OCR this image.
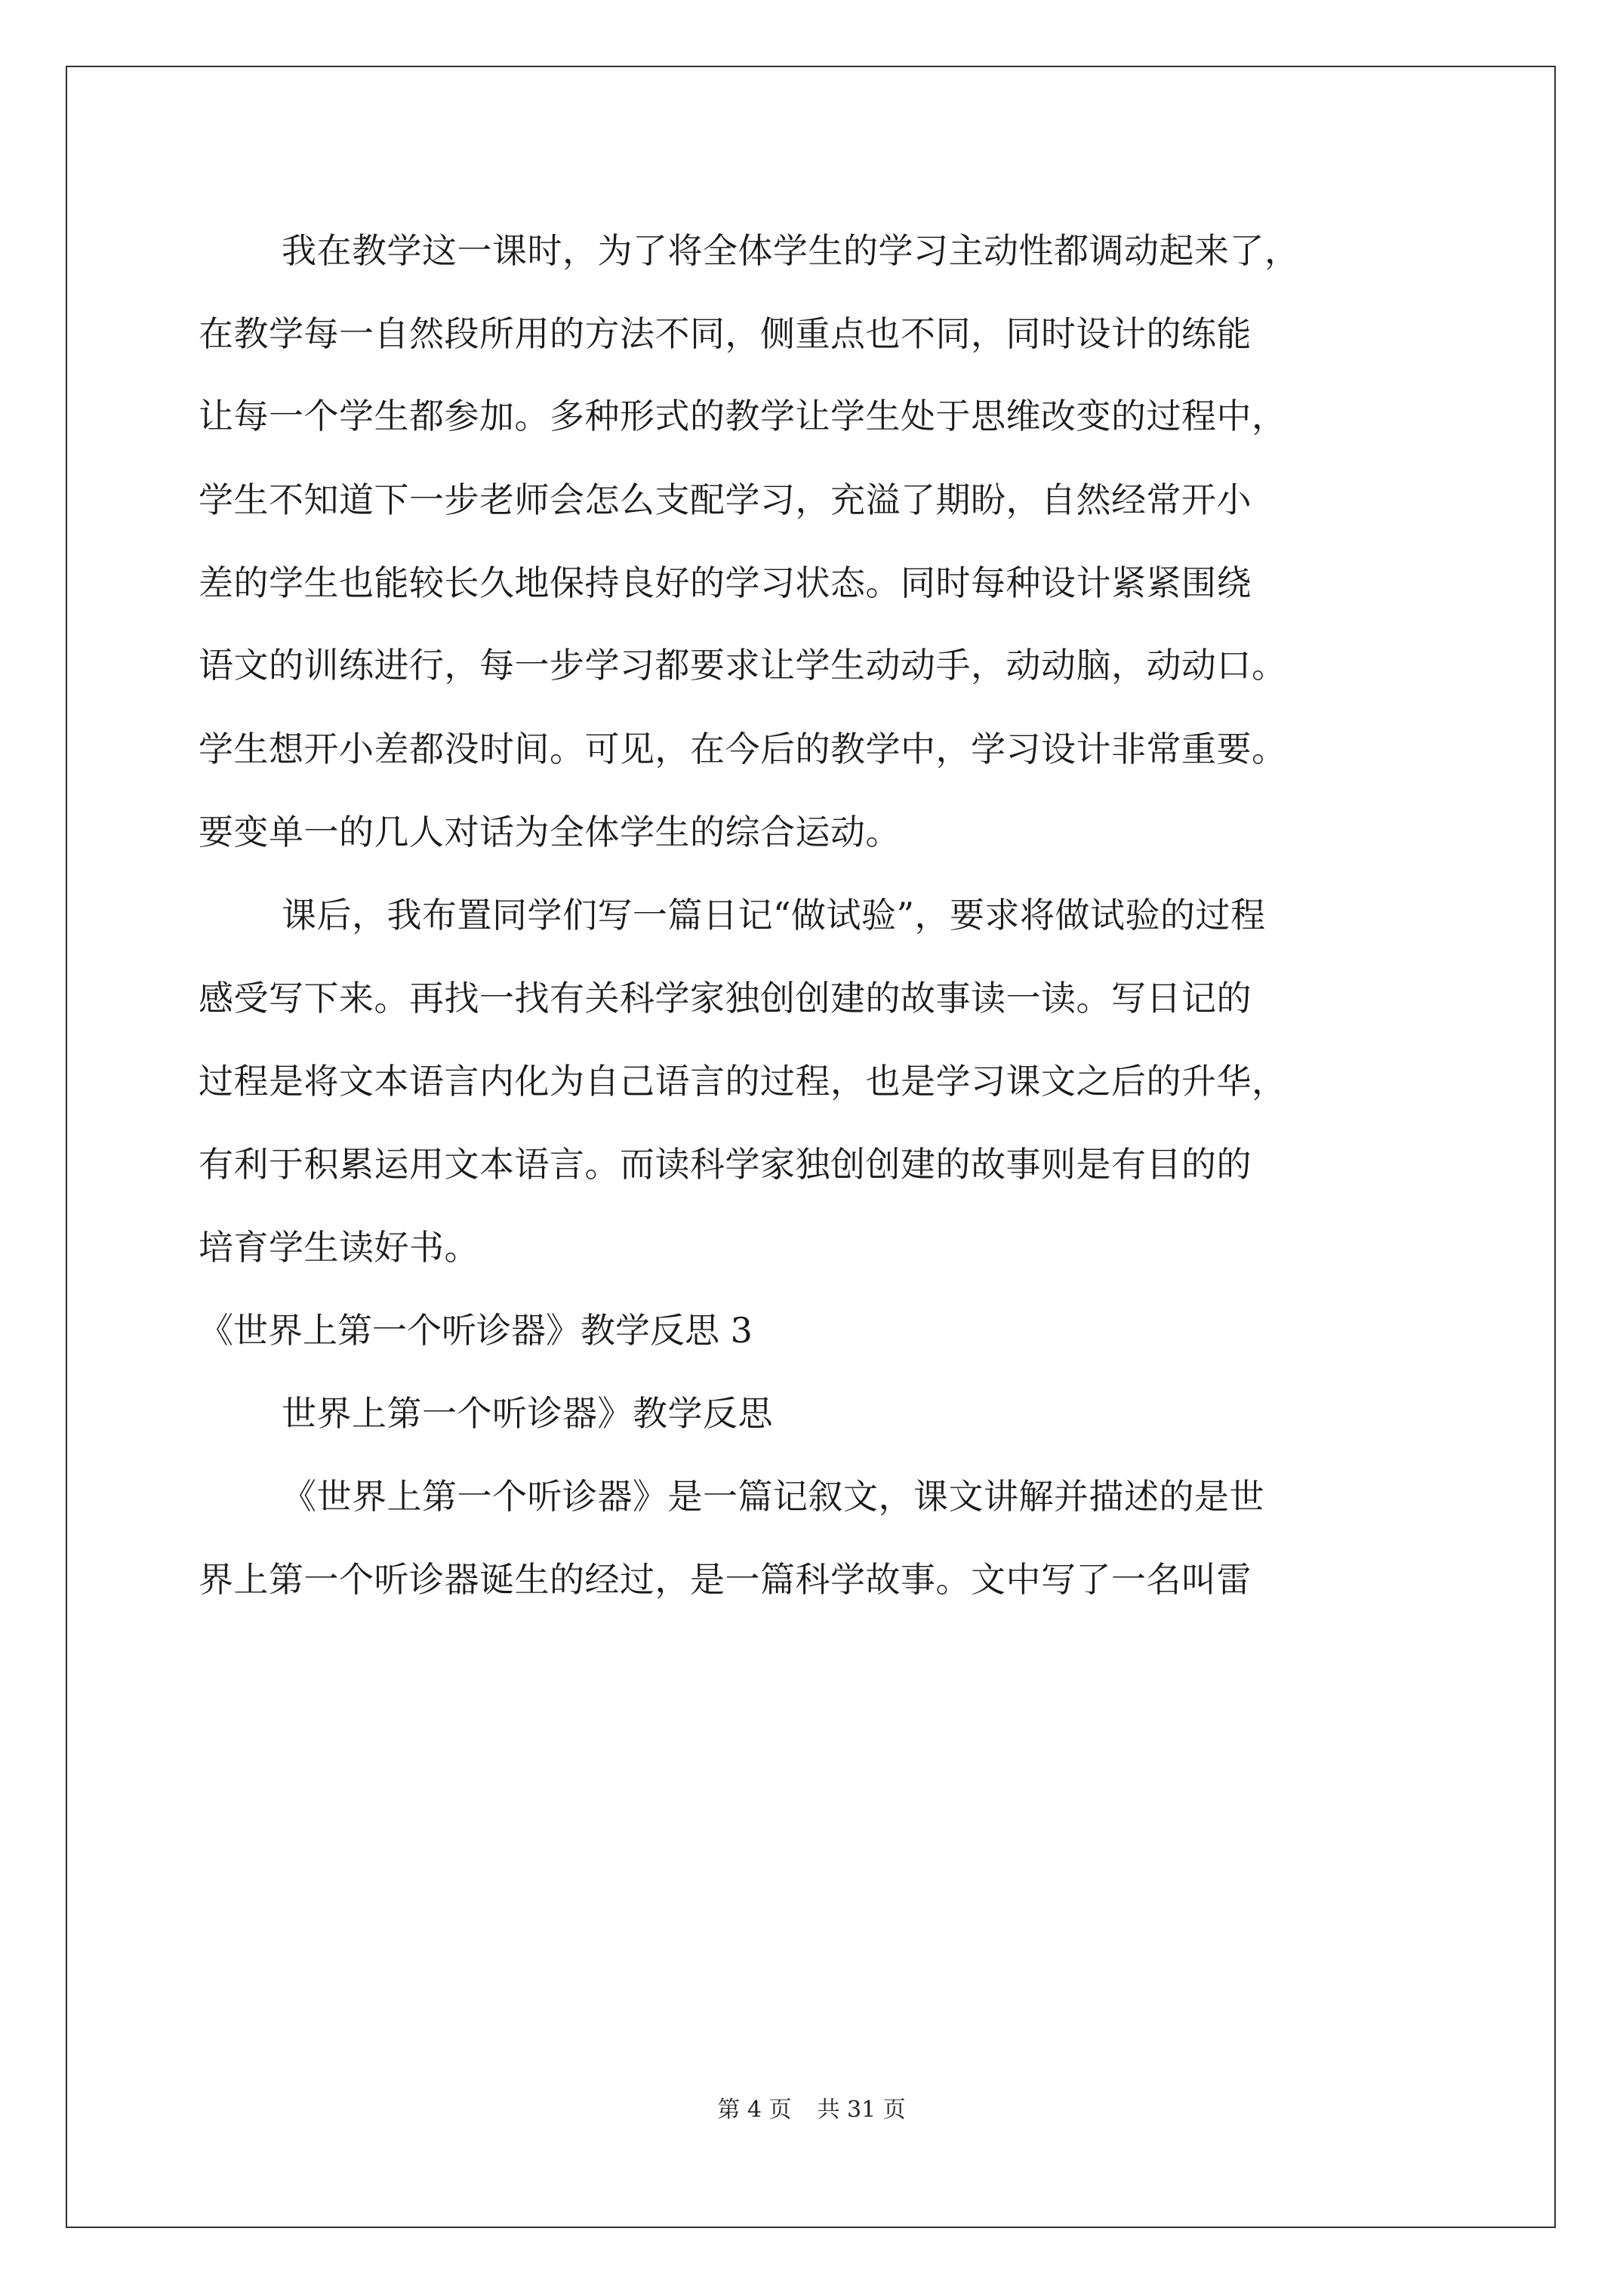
我在教学这一课时，为了将全体学生的学习主动性都调动起来了，
在教学每一自然段所用的方法不同，侧重点也不同，同时设计的练能
让每一个学生都参加。多种形式的教学让学生处于思维改变的过程中，
学生不知道下一步老师会怎么支配学习，充溢了期盼，自然经常开小
差的学生也能较长久地保持良好的学习状态。同时每种设计紧紧围绕
语文的训练进行，每一步学习都要求让学生动动手，动动脑，动动口。
学生想开小差都没时间。可见，在今后的教学中，学习设计非常重要。
要变单一的几人对话为全体学生的综合运动。
课后，我布置同学们写一篇日记“做试验”，要求将做试验的过程
感受写下来。再找一找有关科学家独创创建的故事读一读。写日记的
过程是将文本语言内化为自己语言的过程，也是学习课文之后的升华，
有利于积累运用文本语言。而读科学家独创创建的故事则是有目的的
培育学生读好书。
《世界上第一个听诊器》教学反思 3
世界上第一个听诊器》教学反思
《世界上第一个听诊器》是一篇记叙文，课文讲解并描述的是世
界上第一个听诊器诞生的经过，是一篇科学故事。文中写了一名叫雷
第 4 页 共 31 页
